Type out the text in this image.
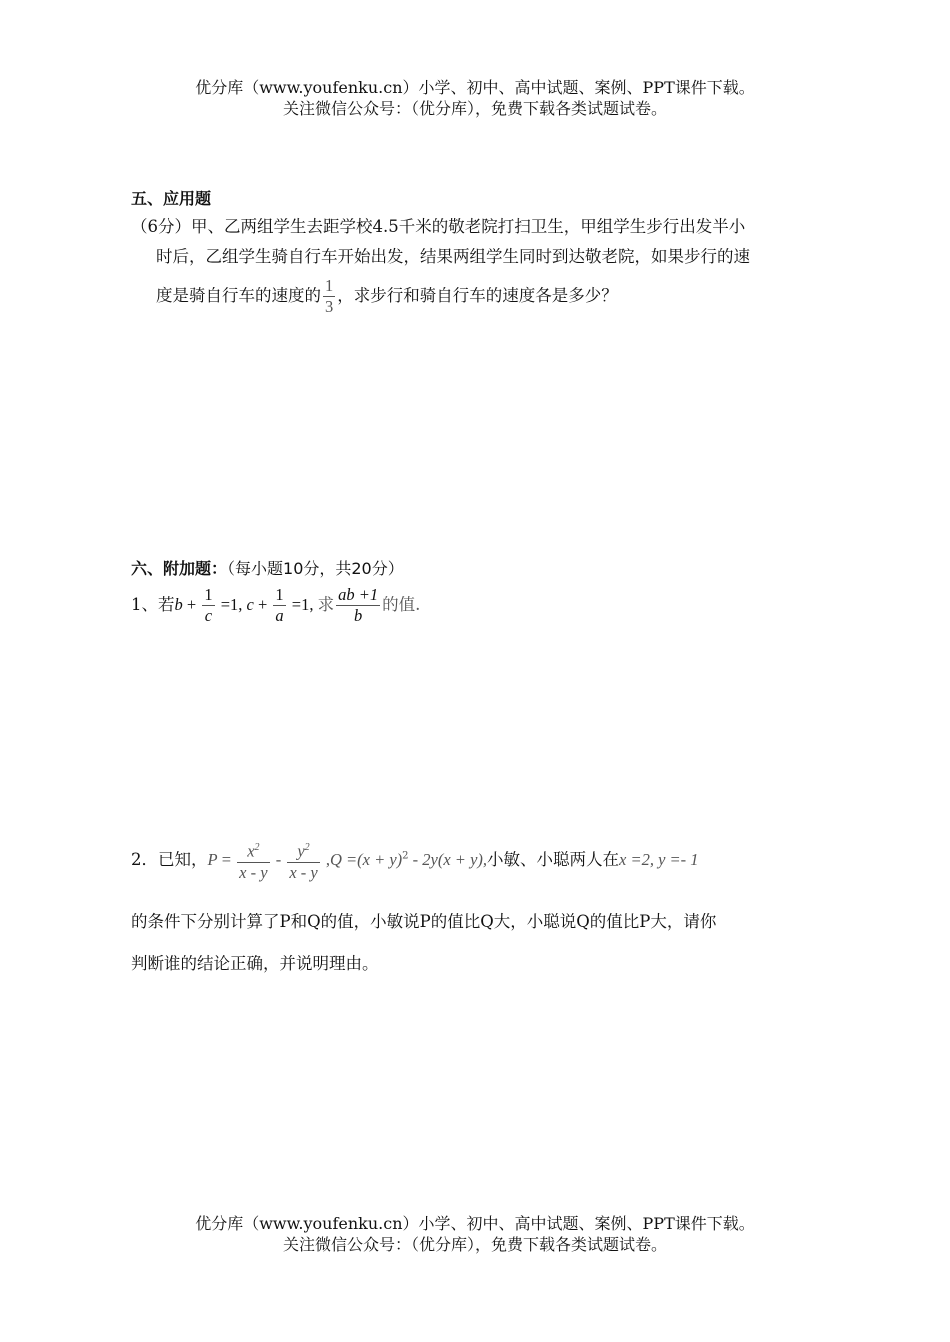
优分库（www.youfenku.cn）小学、初中、高中试题、案例、PPT课件下载。
关注微信公众号：（优分库），免费下载各类试题试卷。
五、应用题
（6分）甲、乙两组学生去距学校4.5千米的敬老院打扫卫生，甲组学生步行出发半小
时后，乙组学生骑自行车开始出发，结果两组学生同时到达敬老院，如果步行的速
度是骑自行车的速度的 $\frac{1}{3}$ ，求步行和骑自行车的速度各是多少？
六、附加题：（每小题10分，共20分）
1、若$b + \frac{1}{c} =1$, $c + \frac{1}{a} =1$, 求 $\frac{ab +1}{b}$ 的值.
2．已知，$P = \frac{x^2}{x - y} - \frac{y^2}{x - y} ,Q =(x + y)^2 - 2y(x + y)$,小敏、小聪两人在x =2, y =- 1
的条件下分别计算了P和Q的值，小敏说P的值比Q大，小聪说Q的值比P大，请你
判断谁的结论正确，并说明理由。
优分库（www.youfenku.cn）小学、初中、高中试题、案例、PPT课件下载。
关注微信公众号：（优分库），免费下载各类试题试卷。
